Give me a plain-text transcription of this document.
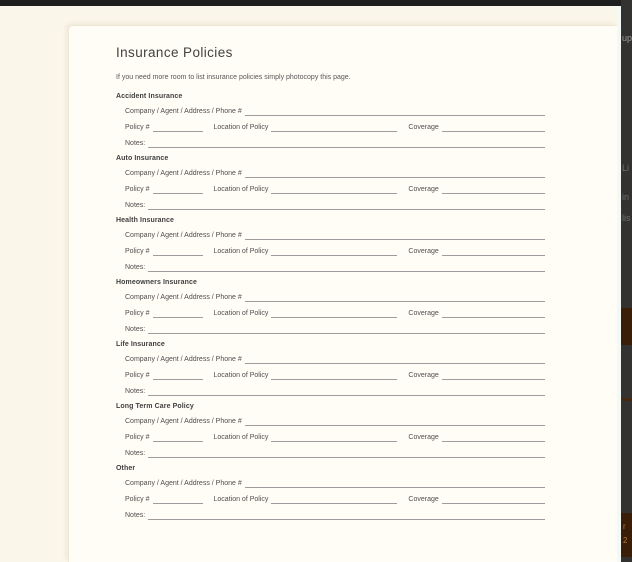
Insurance Policies

If you need more room to list insurance policies simply photocopy this page.

Accident Insurance
Company / Agent / Address / Phone #
Policy #	Location of Policy	Coverage
Notes:
Auto Insurance
Company / Agent / Address / Phone #
Policy #	Location of Policy	Coverage
Notes:
Health Insurance
Company / Agent / Address / Phone #
Policy #	Location of Policy	Coverage
Notes:
Homeowners Insurance
Company / Agent / Address / Phone #
Policy #	Location of Policy	Coverage
Notes:
Life Insurance
Company / Agent / Address / Phone #
Policy #	Location of Policy	Coverage
Notes:
Long Term Care Policy
Company / Agent / Address / Phone #
Policy #	Location of Policy	Coverage
Notes:
Other
Company / Agent / Address / Phone #
Policy #	Location of Policy	Coverage
Notes:
up
Li
in
lis
r
2
